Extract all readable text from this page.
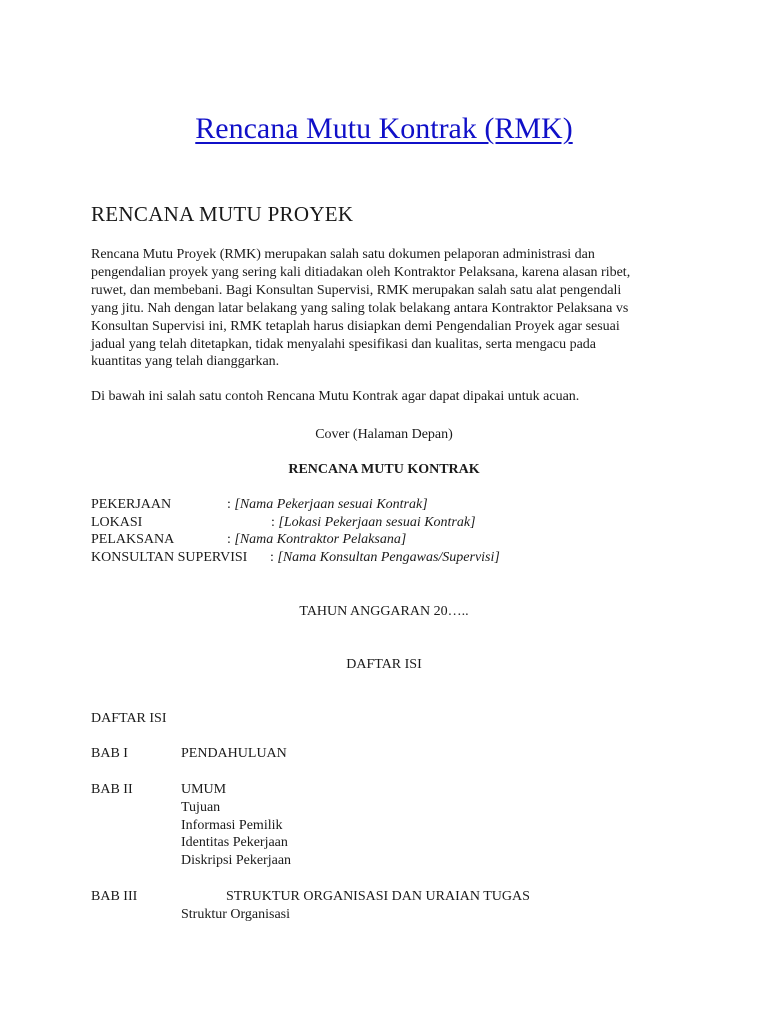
Rencana Mutu Kontrak (RMK)
RENCANA MUTU PROYEK
Rencana Mutu Proyek (RMK) merupakan salah satu dokumen pelaporan administrasi dan
pengendalian proyek yang sering kali ditiadakan oleh Kontraktor Pelaksana, karena alasan ribet,
ruwet, dan membebani. Bagi Konsultan Supervisi, RMK merupakan salah satu alat pengendali
yang jitu. Nah dengan latar belakang yang saling tolak belakang antara Kontraktor Pelaksana vs
Konsultan Supervisi ini, RMK tetaplah harus disiapkan demi Pengendalian Proyek agar sesuai
jadual yang telah ditetapkan, tidak menyalahi spesifikasi dan kualitas, serta mengacu pada
kuantitas yang telah dianggarkan.
Di bawah ini salah satu contoh Rencana Mutu Kontrak agar dapat dipakai untuk acuan.
Cover (Halaman Depan)
RENCANA MUTU KONTRAK
PEKERJAAN	: [Nama Pekerjaan sesuai Kontrak]
LOKASI	: [Lokasi Pekerjaan sesuai Kontrak]
PELAKSANA	: [Nama Kontraktor Pelaksana]
KONSULTAN SUPERVISI : [Nama Konsultan Pengawas/Supervisi]
TAHUN ANGGARAN 20…..
DAFTAR ISI
DAFTAR ISI
BAB I	PENDAHULUAN
BAB II	UMUM
Tujuan
Informasi Pemilik
Identitas Pekerjaan
Diskripsi Pekerjaan
BAB III	STRUKTUR ORGANISASI DAN URAIAN TUGAS
Struktur Organisasi
